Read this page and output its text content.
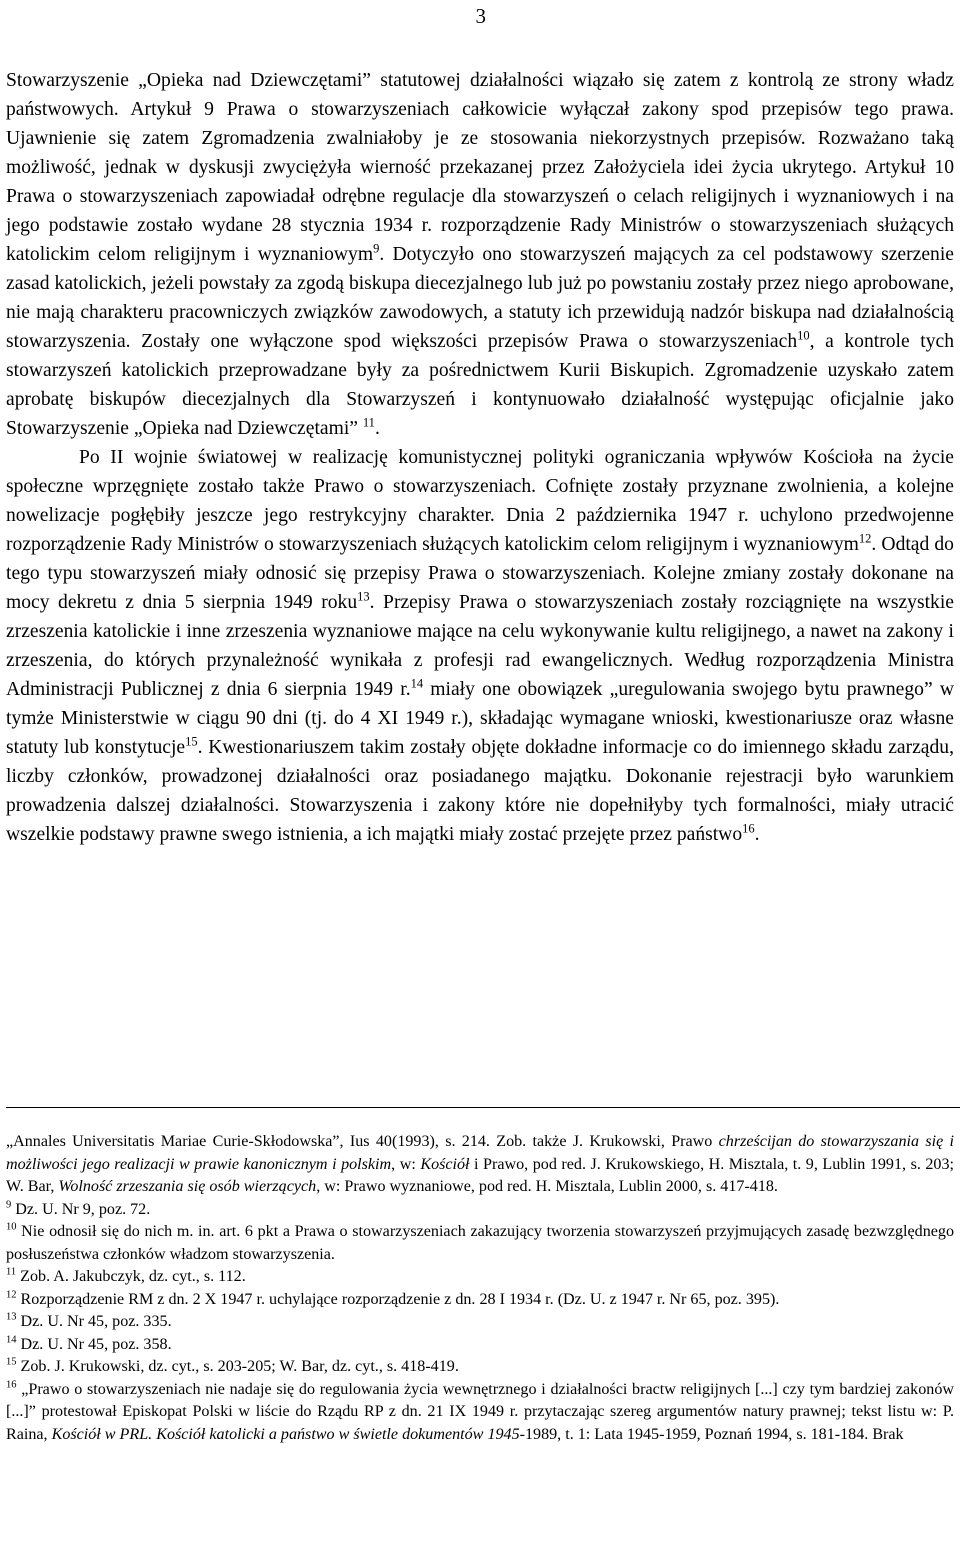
3

Stowarzyszenie „Opieka nad Dziewczętami” statutowej działalności wiązało się zatem z kontrolą ze strony władz państwowych. Artykuł 9 Prawa o stowarzyszeniach całkowicie wyłączał zakony spod przepisów tego prawa. Ujawnienie się zatem Zgromadzenia zwalniałoby je ze stosowania niekorzystnych przepisów. Rozważano taką możliwość, jednak w dyskusji zwyciężyła wierność przekazanej przez Założyciela idei życia ukrytego. Artykuł 10 Prawa o stowarzyszeniach zapowiadał odrębne regulacje dla stowarzyszeń o celach religijnych i wyznaniowych i na jego podstawie zostało wydane 28 stycznia 1934 r. rozporządzenie Rady Ministrów o stowarzyszeniach służących katolickim celom religijnym i wyznaniowym$^9$. Dotyczyło ono stowarzyszeń mających za cel podstawowy szerzenie zasad katolickich, jeżeli powstały za zgodą biskupa diecezjalnego lub już po powstaniu zostały przez niego aprobowane, nie mają charakteru pracowniczych związków zawodowych, a statuty ich przewidują nadzór biskupa nad działalnością stowarzyszenia. Zostały one wyłączone spod większości przepisów Prawa o stowarzyszeniach$^{10}$, a kontrole tych stowarzyszeń katolickich przeprowadzane były za pośrednictwem Kurii Biskupich. Zgromadzenie uzyskało zatem aprobatę biskupów diecezjalnych dla Stowarzyszeń i kontynuowało działalność występując oficjalnie jako Stowarzyszenie „Opieka nad Dziewczętami” $^{11}$.

Po II wojnie światowej w realizację komunistycznej polityki ograniczania wpływów Kościoła na życie społeczne wprzęgnięte zostało także Prawo o stowarzyszeniach. Cofnięte zostały przyznane zwolnienia, a kolejne nowelizacje pogłębiły jeszcze jego restrykcyjny charakter. Dnia 2 października 1947 r. uchylono przedwojenne rozporządzenie Rady Ministrów o stowarzyszeniach służących katolickim celom religijnym i wyznaniowym$^{12}$. Odtąd do tego typu stowarzyszeń miały odnosić się przepisy Prawa o stowarzyszeniach. Kolejne zmiany zostały dokonane na mocy dekretu z dnia 5 sierpnia 1949 roku$^{13}$. Przepisy Prawa o stowarzyszeniach zostały rozciągnięte na wszystkie zrzeszenia katolickie i inne zrzeszenia wyznaniowe mające na celu wykonywanie kultu religijnego, a nawet na zakony i zrzeszenia, do których przynależność wynikała z profesji rad ewangelicznych. Według rozporządzenia Ministra Administracji Publicznej z dnia 6 sierpnia 1949 r.$^{14}$ miały one obowiązek „uregulowania swojego bytu prawnego” w tymże Ministerstwie w ciągu 90 dni (tj. do 4 XI 1949 r.), składając wymagane wnioski, kwestionariusze oraz własne statuty lub konstytucje$^{15}$. Kwestionariuszem takim zostały objęte dokładne informacje co do imiennego składu zarządu, liczby członków, prowadzonej działalności oraz posiadanego majątku. Dokonanie rejestracji było warunkiem prowadzenia dalszej działalności. Stowarzyszenia i zakony które nie dopełniłyby tych formalności, miały utracić wszelkie podstawy prawne swego istnienia, a ich majątki miały zostać przejęte przez państwo$^{16}$.

„Annales Universitatis Mariae Curie-Skłodowska”, Ius 40(1993), s. 214. Zob. także J. Krukowski, Prawo chrześcijan do stowarzyszania się i możliwości jego realizacji w prawie kanonicznym i polskim, w: Kościół i Prawo, pod red. J. Krukowskiego, H. Misztala, t. 9, Lublin 1991, s. 203; W. Bar, Wolność zrzeszania się osób wierzących, w: Prawo wyznaniowe, pod red. H. Misztala, Lublin 2000, s. 417-418.

$^9$ Dz. U. Nr 9, poz. 72.

$^{10}$ Nie odnosił się do nich m. in. art. 6 pkt a Prawa o stowarzyszeniach zakazujący tworzenia stowarzyszeń przyjmujących zasadę bezwzględnego posłuszeństwa członków władzom stowarzyszenia.

$^{11}$ Zob. A. Jakubczyk, dz. cyt., s. 112.

$^{12}$ Rozporządzenie RM z dn. 2 X 1947 r. uchylające rozporządzenie z dn. 28 I 1934 r. (Dz. U. z 1947 r. Nr 65, poz. 395).

$^{13}$ Dz. U. Nr 45, poz. 335.

$^{14}$ Dz. U. Nr 45, poz. 358.

$^{15}$ Zob. J. Krukowski, dz. cyt., s. 203-205; W. Bar, dz. cyt., s. 418-419.

$^{16}$ „Prawo o stowarzyszeniach nie nadaje się do regulowania życia wewnętrznego i działalności bractw religijnych [...] czy tym bardziej zakonów [...]” protestował Episkopat Polski w liście do Rządu RP z dn. 21 IX 1949 r. przytaczając szereg argumentów natury prawnej; tekst listu w: P. Raina, Kościół w PRL. Kościół katolicki a państwo w świetle dokumentów 1945-1989, t. 1: Lata 1945-1959, Poznań 1994, s. 181-184. Brak
